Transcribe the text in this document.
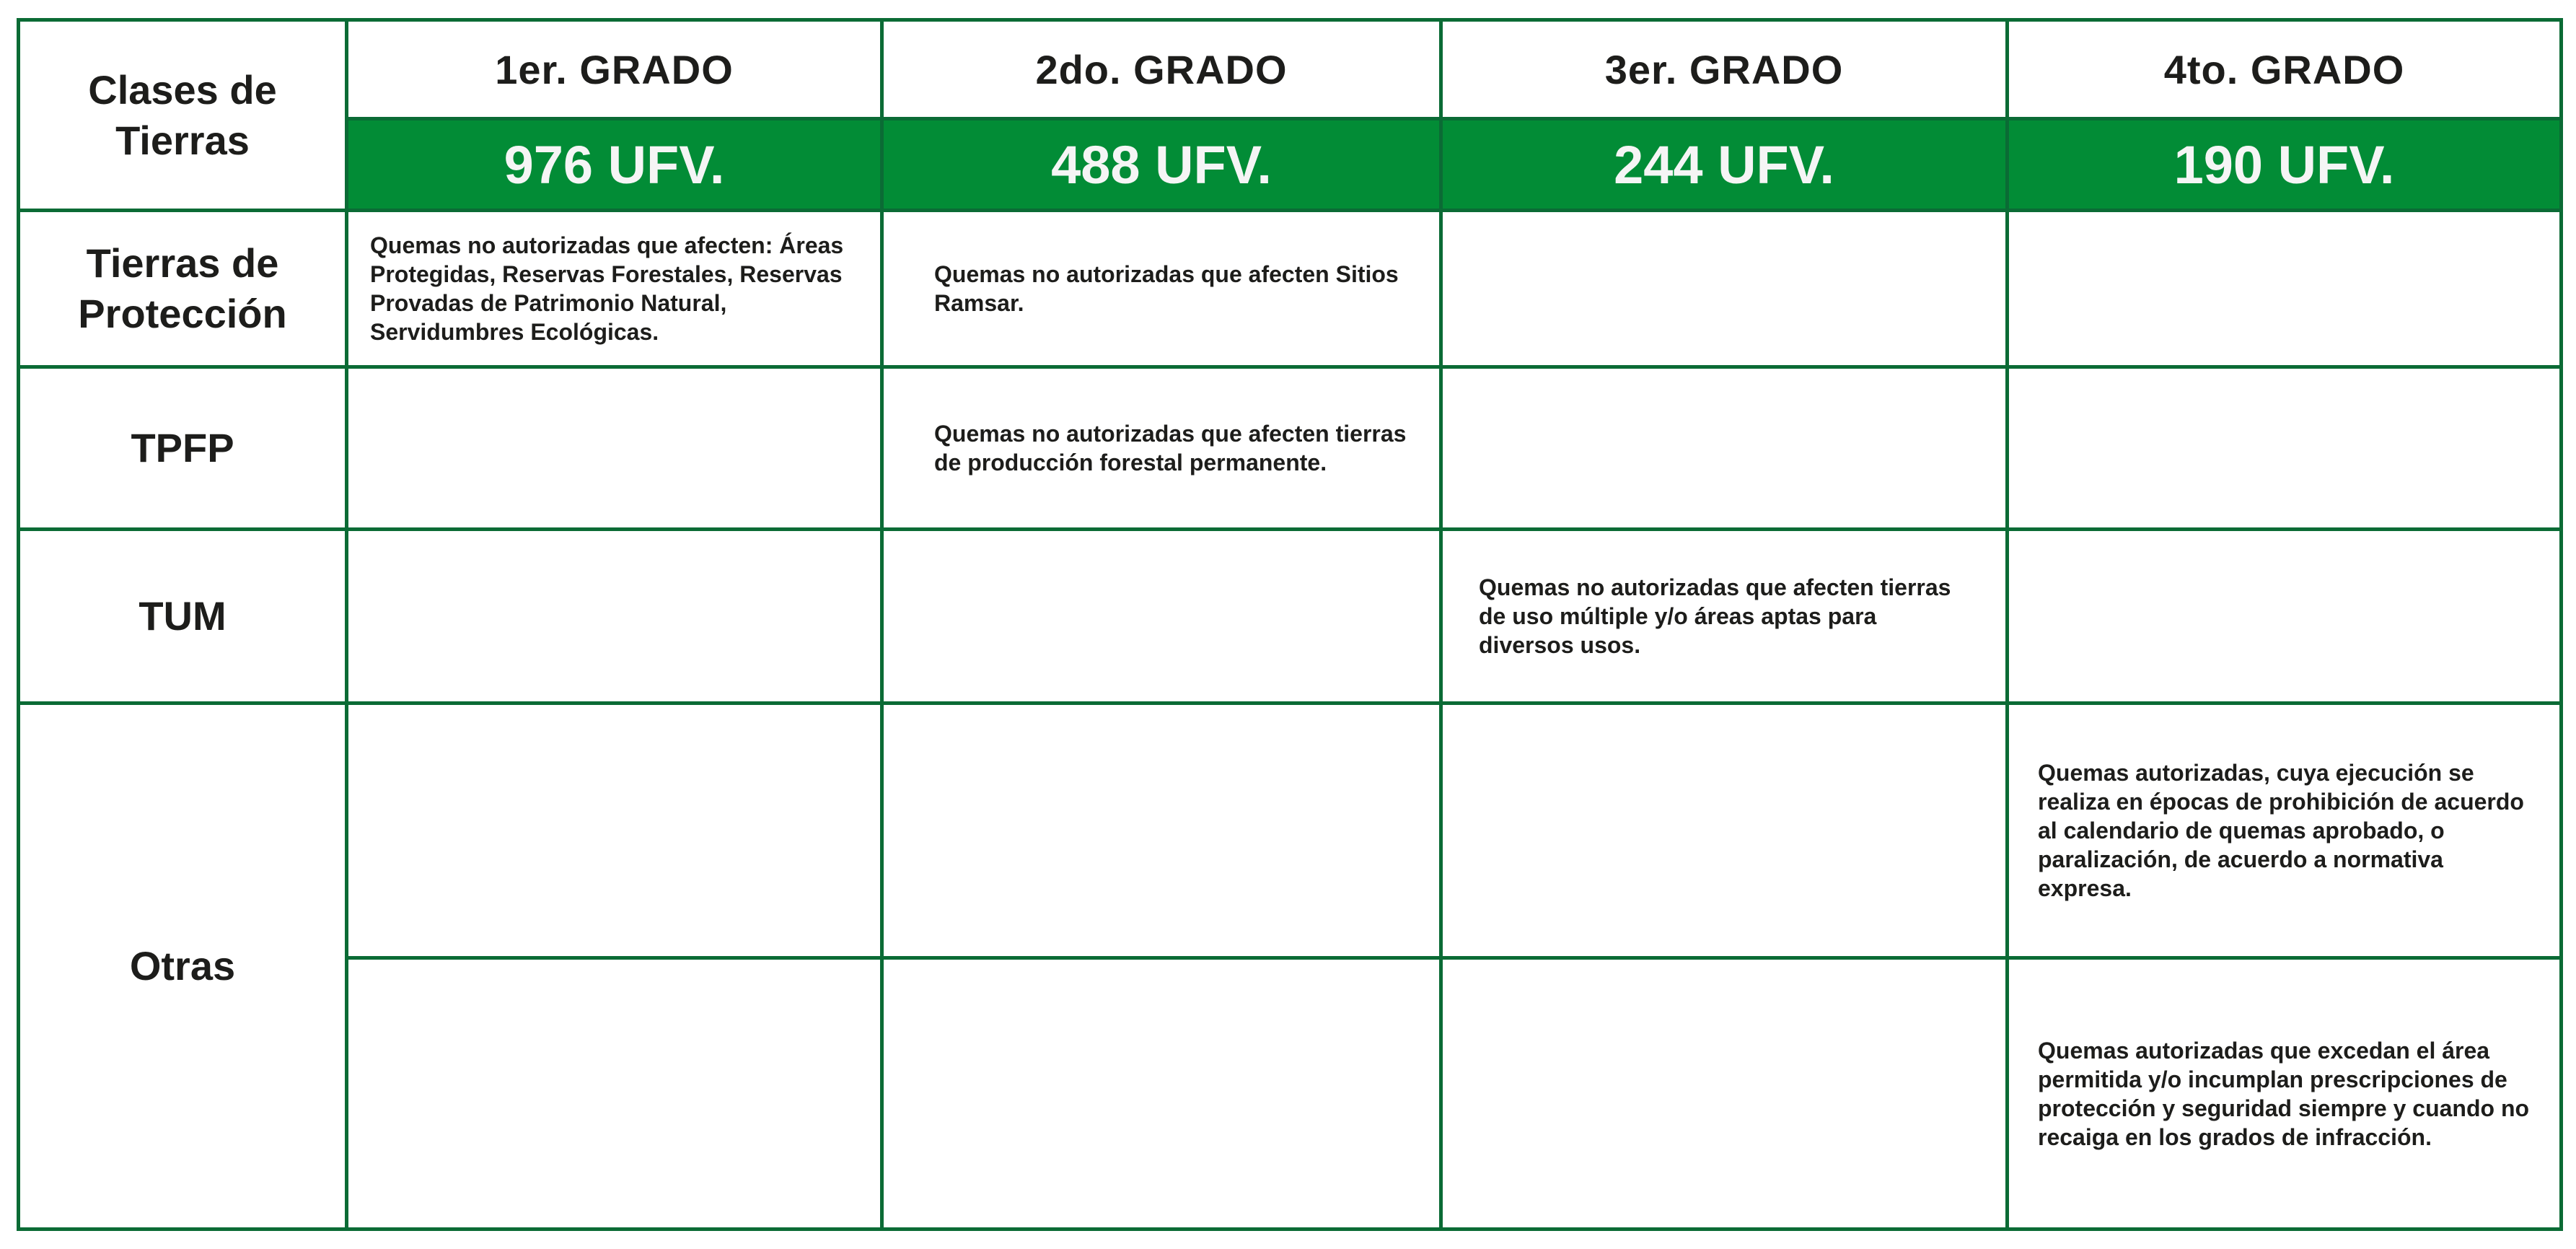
Clases de Tierras	1er. GRADO	2do. GRADO	3er. GRADO	4to. GRADO
	976 UFV.	488 UFV.	244 UFV.	190 UFV.
Tierras de Protección	Quemas no autorizadas que afecten: Áreas Protegidas, Reservas Forestales, Reservas Provadas de Patrimonio Natural, Servidumbres Ecológicas.	Quemas no autorizadas que afecten Sitios Ramsar.		
TPFP		Quemas no autorizadas que afecten tierras de producción forestal permanente.		
TUM			Quemas no autorizadas que afecten tierras de uso múltiple y/o áreas aptas para diversos usos.	
Otras				Quemas autorizadas, cuya ejecución se realiza en épocas de prohibición de acuerdo al calendario de quemas aprobado, o paralización, de acuerdo a normativa expresa.
				Quemas autorizadas que excedan el área permitida y/o incumplan prescripciones de protección y seguridad siempre y cuando no recaiga en los grados de infracción.
